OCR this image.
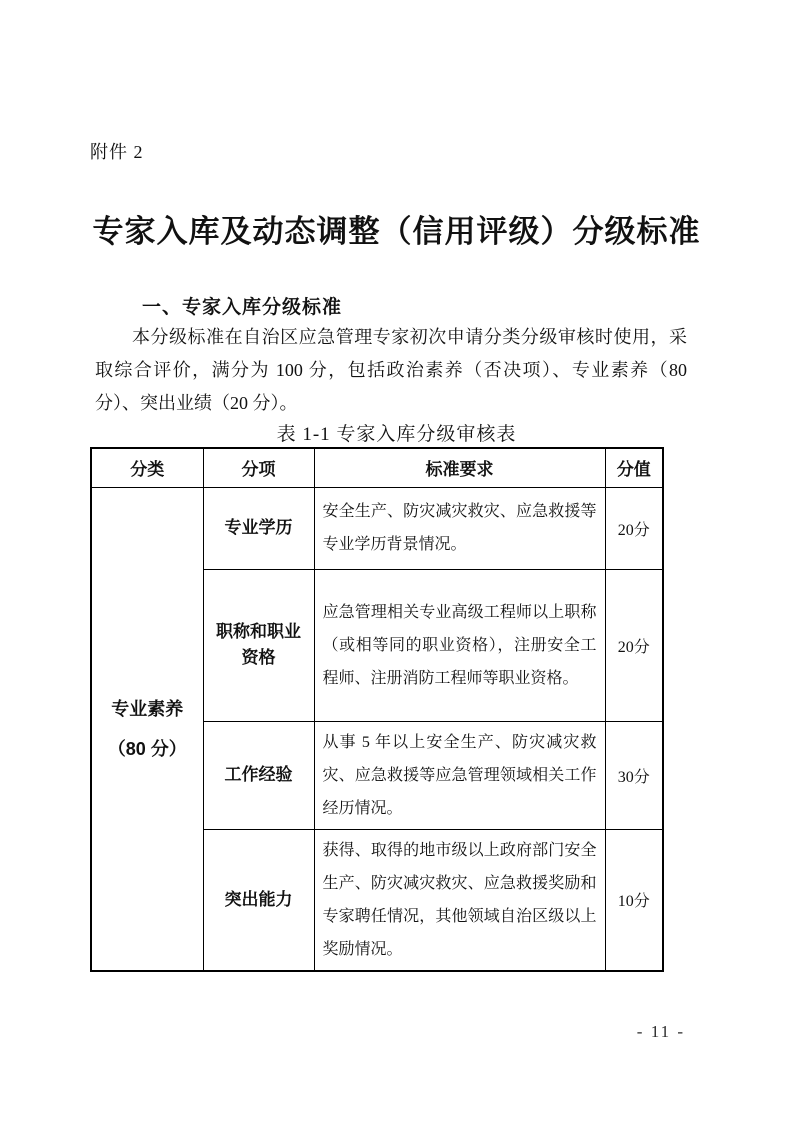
附件 2
专家入库及动态调整（信用评级）分级标准
一、专家入库分级标准

本分级标准在自治区应急管理专家初次申请分类分级审核时使用，采取综合评价，满分为 100 分，包括政治素养（否决项）、专业素养（80 分）、突出业绩（20 分）。

表 1-1 专家入库分级审核表
分类	分项	标准要求	分值

专业素养
（80 分）	专业学历	安全生产、防灾减灾救灾、应急救援等专业学历背景情况。	20分
	职称和职业资格	应急管理相关专业高级工程师以上职称（或相等同的职业资格），注册安全工程师、注册消防工程师等职业资格。	20分
	工作经验	从事 5 年以上安全生产、防灾减灾救灾、应急救援等应急管理领域相关工作经历情况。	30分
	突出能力	获得、取得的地市级以上政府部门安全生产、防灾减灾救灾、应急救援奖励和专家聘任情况，其他领域自治区级以上奖励情况。	10分
- 11 -
